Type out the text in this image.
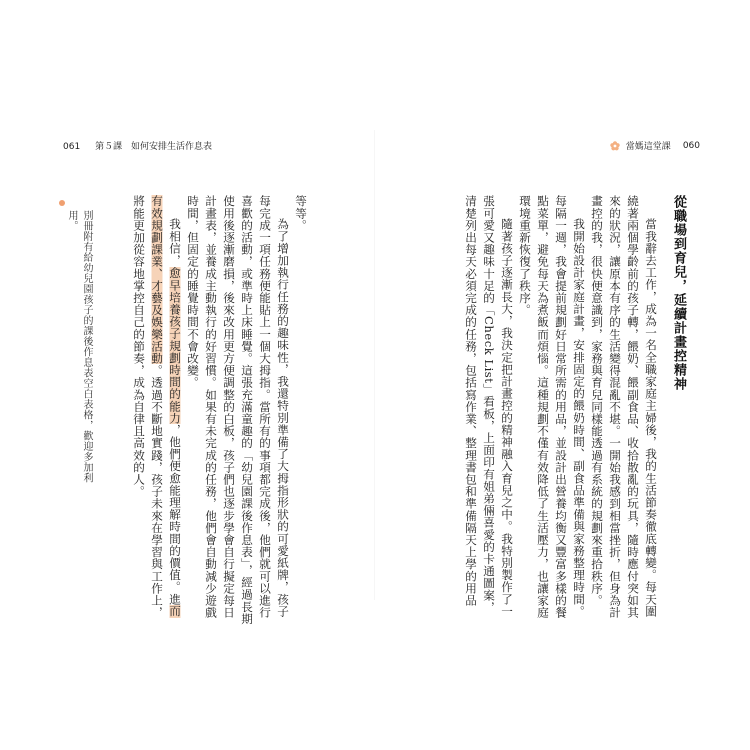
061 第５課 如何安排生活作息表
別冊附有給幼兒園孩子的課後作息表空白表格，歡迎多加利用。	等等。
為了增加執行任務的趣味性，我還特別準備了大拇指形狀的可愛紙牌，孩子每完成一項任務便能貼上一個大拇指。當所有的事項都完成後，他們就可以進行喜歡的活動，或準時上床睡覺。這張充滿童趣的「幼兒園課後作息表」，經過長期使用後逐漸磨損，後來改用更方便調整的白板，孩子們也逐步學會自行擬定每日計畫表，並養成主動執行的好習慣。如果有未完成的任務，他們會自動減少遊戲時間，但固定的睡覺時間不會改變。
我相信，愈早培養孩子規劃時間的能力，他們便愈能理解時間的價值。進而有效規劃課業、才藝及娛樂活動。透過不斷地實踐，孩子未來在學習與工作上，將能更加從容地掌控自己的節奏，成為自律且高效的人。
當媽這堂課 060
從職場到育兒，延續計畫控精神
當我辭去工作，成為一名全職家庭主婦後，我的生活節奏徹底轉變。每天圍繞著兩個學齡前的孩子轉，餵奶、餵副食品、收拾散亂的玩具，隨時應付突如其來的狀況，讓原本有序的生活變得混亂不堪。一開始我感到相當挫折，但身為計畫控的我，很快便意識到，家務與育兒同樣能透過有系統的規劃來重拾秩序。
我開始設計家庭計畫，安排固定的餵奶時間、副食品準備與家務整理時間。每隔一週，我會提前規劃好日常所需的用品，並設計出營養均衡又豐富多樣的餐點菜單，避免每天為煮飯而煩惱。這種規劃不僅有效降低了生活壓力，也讓家庭環境重新恢復了秩序。
隨著孩子逐漸長大，我決定把計畫控的精神融入育兒之中。我特別製作了一張可愛又趣味十足的「Check List」看板，上面印有姐弟倆喜愛的卡通圖案，清楚列出每天必須完成的任務，包括寫作業、整理書包和準備隔天上學的用品
